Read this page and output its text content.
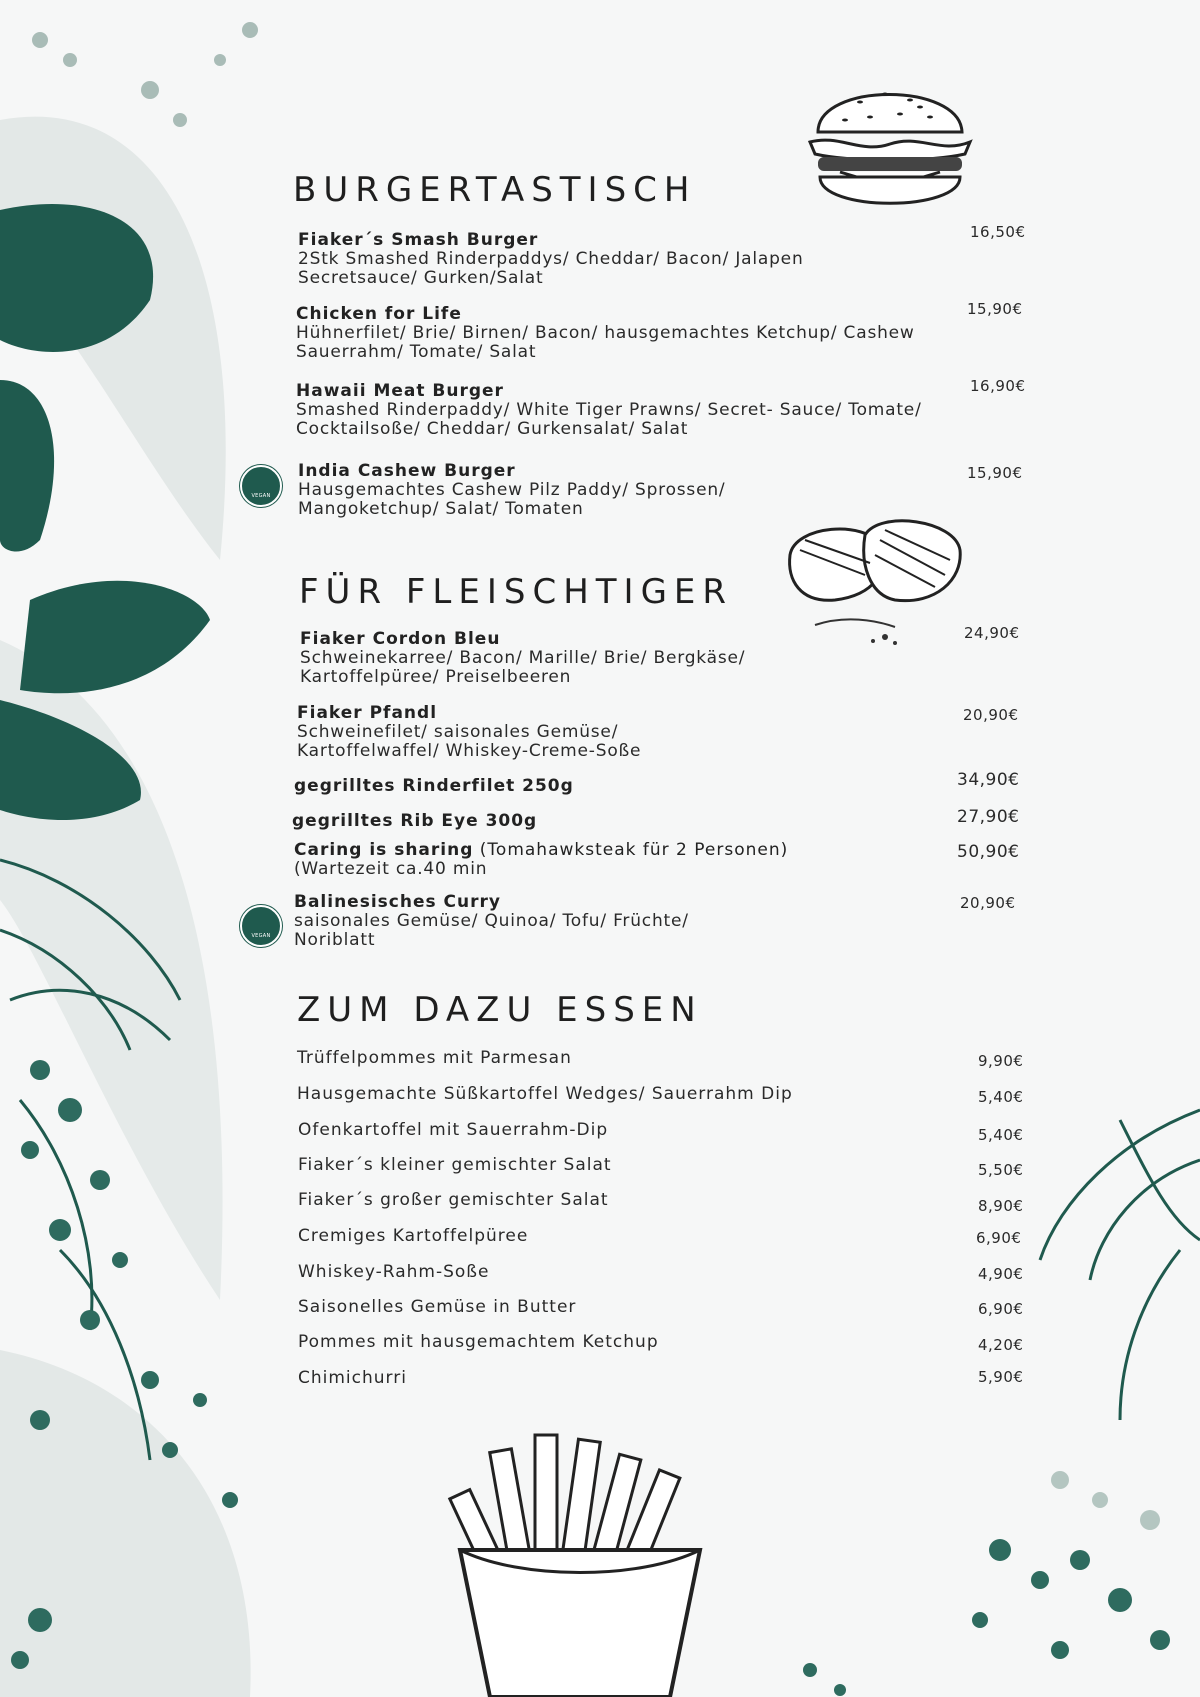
BURGERTASTISCH
Fiaker´s Smash Burger
2Stk Smashed Rinderpaddys/ Cheddar/ Bacon/ Jalapen
Secretsauce/ Gurken/Salat
16,50€
Chicken for Life
Hühnerfilet/ Brie/ Birnen/ Bacon/ hausgemachtes Ketchup/ Cashew
Sauerrahm/ Tomate/ Salat
15,90€
Hawaii Meat Burger
Smashed Rinderpaddy/ White Tiger Prawns/ Secret- Sauce/ Tomate/
Cocktailsoße/ Cheddar/ Gurkensalat/ Salat
16,90€
VEGAN
India Cashew Burger
Hausgemachtes Cashew Pilz Paddy/ Sprossen/
Mangoketchup/ Salat/ Tomaten
15,90€
FÜR FLEISCHTIGER
Fiaker Cordon Bleu
Schweinekarree/ Bacon/ Marille/ Brie/ Bergkäse/
Kartoffelpüree/ Preiselbeeren
24,90€
Fiaker Pfandl
Schweinefilet/ saisonales Gemüse/
Kartoffelwaffel/ Whiskey-Creme-Soße
20,90€
gegrilltes Rinderfilet 250g	34,90€
gegrilltes Rib Eye 300g	27,90€
Caring is sharing (Tomahawksteak für 2 Personen)
(Wartezeit ca.40 min
50,90€
VEGAN
Balinesisches Curry
saisonales Gemüse/ Quinoa/ Tofu/ Früchte/
Noriblatt
20,90€
ZUM DAZU ESSEN
Trüffelpommes mit Parmesan	9,90€
Hausgemachte Süßkartoffel Wedges/ Sauerrahm Dip	5,40€
Ofenkartoffel mit Sauerrahm-Dip	5,40€
Fiaker´s kleiner gemischter Salat	5,50€
Fiaker´s großer gemischter Salat	8,90€
Cremiges Kartoffelpüree	6,90€
Whiskey-Rahm-Soße	4,90€
Saisonelles Gemüse in Butter	6,90€
Pommes mit hausgemachtem Ketchup	4,20€
Chimichurri	5,90€
